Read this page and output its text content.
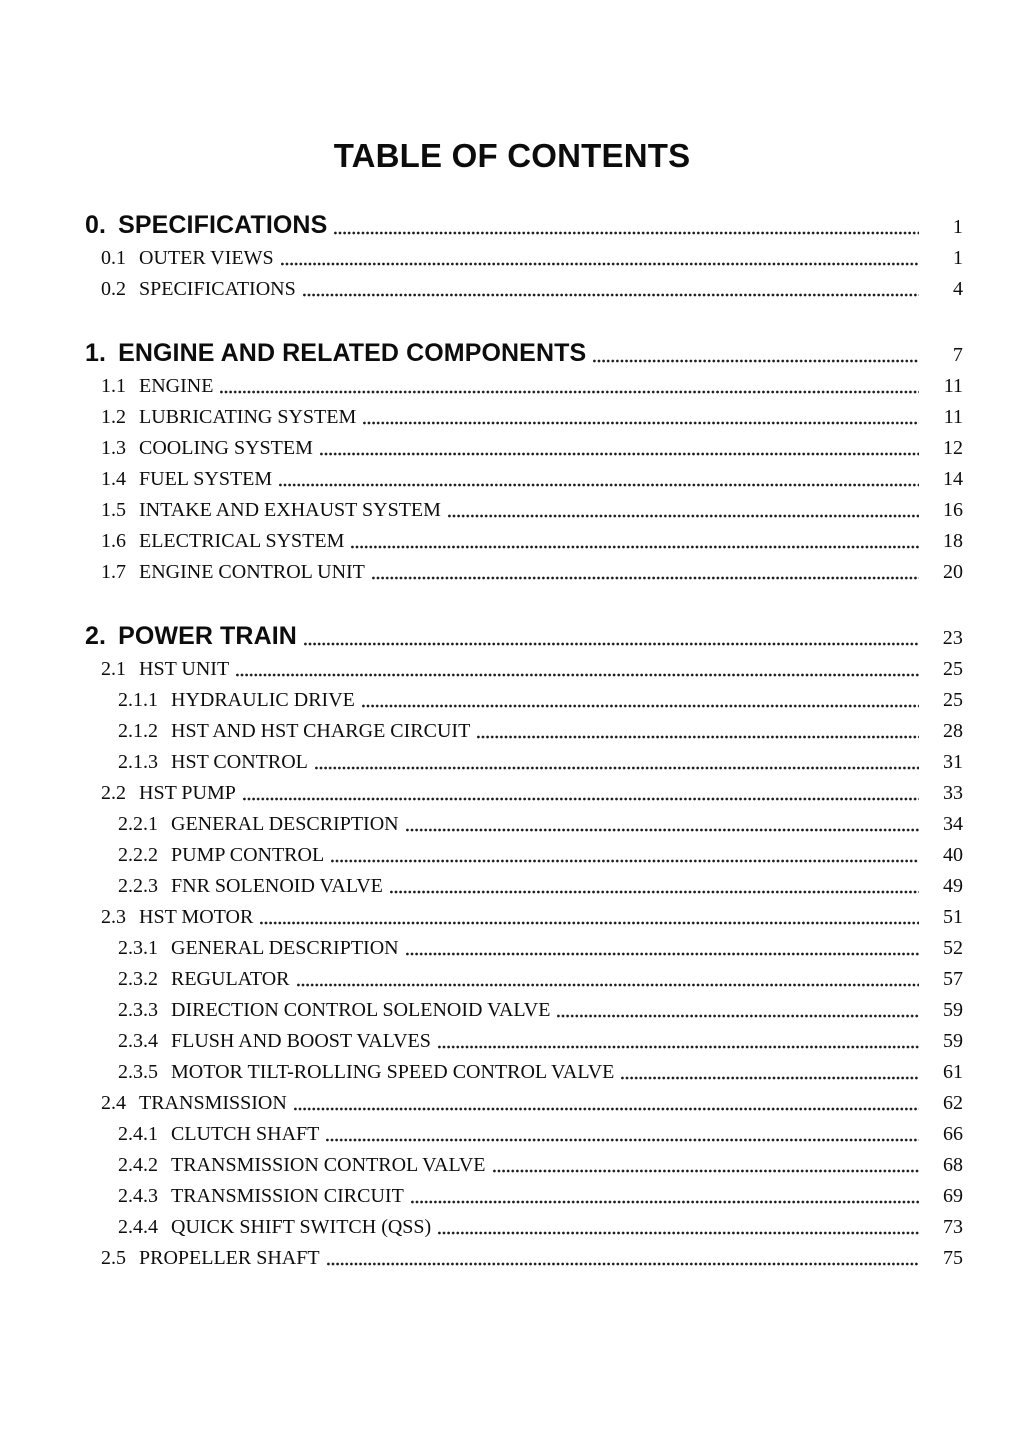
TABLE OF CONTENTS
0. SPECIFICATIONS	1
0.1 OUTER VIEWS	1
0.2 SPECIFICATIONS	4
1. ENGINE AND RELATED COMPONENTS	7
1.1 ENGINE	11
1.2 LUBRICATING SYSTEM	11
1.3 COOLING SYSTEM	12
1.4 FUEL SYSTEM	14
1.5 INTAKE AND EXHAUST SYSTEM	16
1.6 ELECTRICAL SYSTEM	18
1.7 ENGINE CONTROL UNIT	20
2. POWER TRAIN	23
2.1 HST UNIT	25
2.1.1 HYDRAULIC DRIVE	25
2.1.2 HST AND HST CHARGE CIRCUIT	28
2.1.3 HST CONTROL	31
2.2 HST PUMP	33
2.2.1 GENERAL DESCRIPTION	34
2.2.2 PUMP CONTROL	40
2.2.3 FNR SOLENOID VALVE	49
2.3 HST MOTOR	51
2.3.1 GENERAL DESCRIPTION	52
2.3.2 REGULATOR	57
2.3.3 DIRECTION CONTROL SOLENOID VALVE	59
2.3.4 FLUSH AND BOOST VALVES	59
2.3.5 MOTOR TILT-ROLLING SPEED CONTROL VALVE	61
2.4 TRANSMISSION	62
2.4.1 CLUTCH SHAFT	66
2.4.2 TRANSMISSION CONTROL VALVE	68
2.4.3 TRANSMISSION CIRCUIT	69
2.4.4 QUICK SHIFT SWITCH (QSS)	73
2.5 PROPELLER SHAFT	75
